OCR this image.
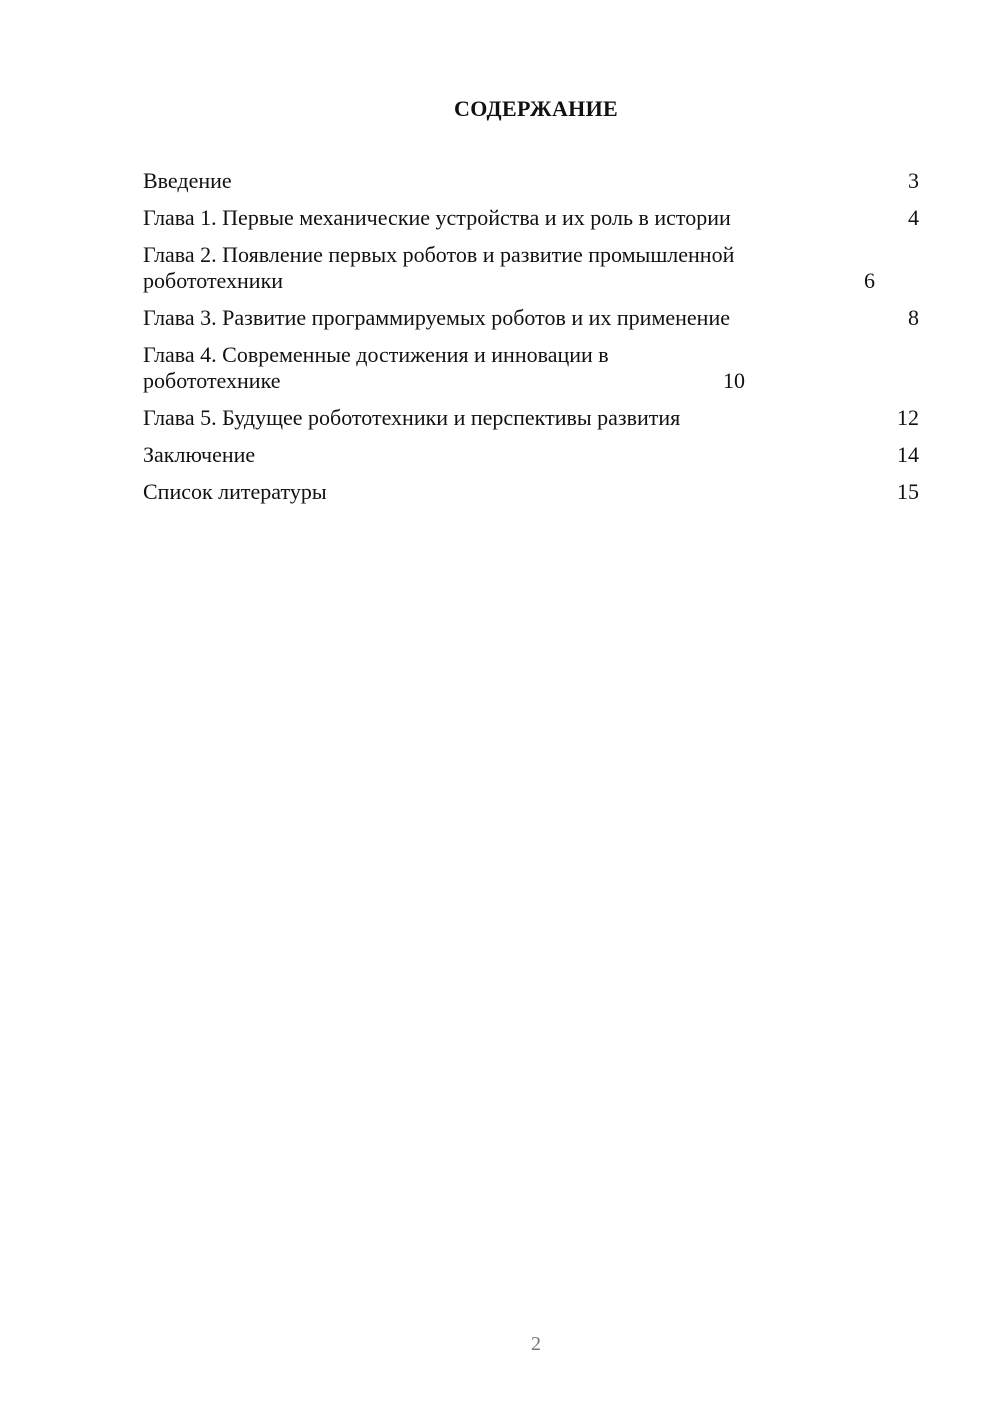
СОДЕРЖАНИЕ
Введение	3
Глава 1. Первые механические устройства и их роль в истории	4
Глава 2. Появление первых роботов и развитие промышленной робототехники	6
Глава 3. Развитие программируемых роботов и их применение	8
Глава 4. Современные достижения и инновации в робототехнике	10
Глава 5. Будущее робототехники и перспективы развития	12
Заключение	14
Список литературы	15
2
